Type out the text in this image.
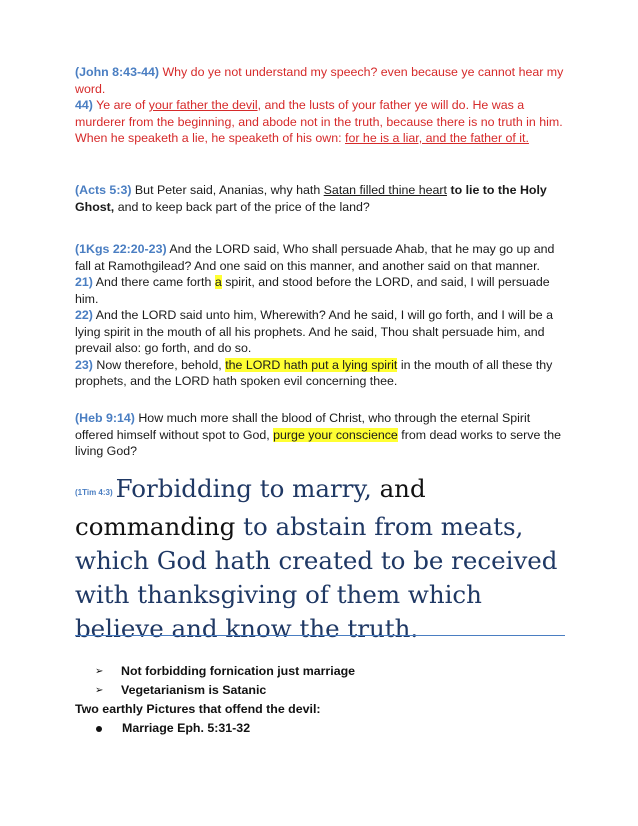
(John 8:43-44) Why do ye not understand my speech? even because ye cannot hear my word.
44) Ye are of your father the devil, and the lusts of your father ye will do. He was a murderer from the beginning, and abode not in the truth, because there is no truth in him. When he speaketh a lie, he speaketh of his own: for he is a liar, and the father of it.

(Acts 5:3) But Peter said, Ananias, why hath Satan filled thine heart to lie to the Holy Ghost, and to keep back part of the price of the land?

(1Kgs 22:20-23) And the LORD said, Who shall persuade Ahab, that he may go up and fall at Ramothgilead? And one said on this manner, and another said on that manner.
21) And there came forth a spirit, and stood before the LORD, and said, I will persuade him.
22) And the LORD said unto him, Wherewith? And he said, I will go forth, and I will be a lying spirit in the mouth of all his prophets. And he said, Thou shalt persuade him, and prevail also: go forth, and do so.
23) Now therefore, behold, the LORD hath put a lying spirit in the mouth of all these thy prophets, and the LORD hath spoken evil concerning thee.

(Heb 9:14) How much more shall the blood of Christ, who through the eternal Spirit offered himself without spot to God, purge your conscience from dead works to serve the living God?

(1Tim 4:3) Forbidding to marry, and commanding to abstain from meats, which God hath created to be received with thanksgiving of them which believe and know the truth.

➢ Not forbidding fornication just marriage
➢ Vegetarianism is Satanic
Two earthly Pictures that offend the devil:
Marriage Eph. 5:31-32
